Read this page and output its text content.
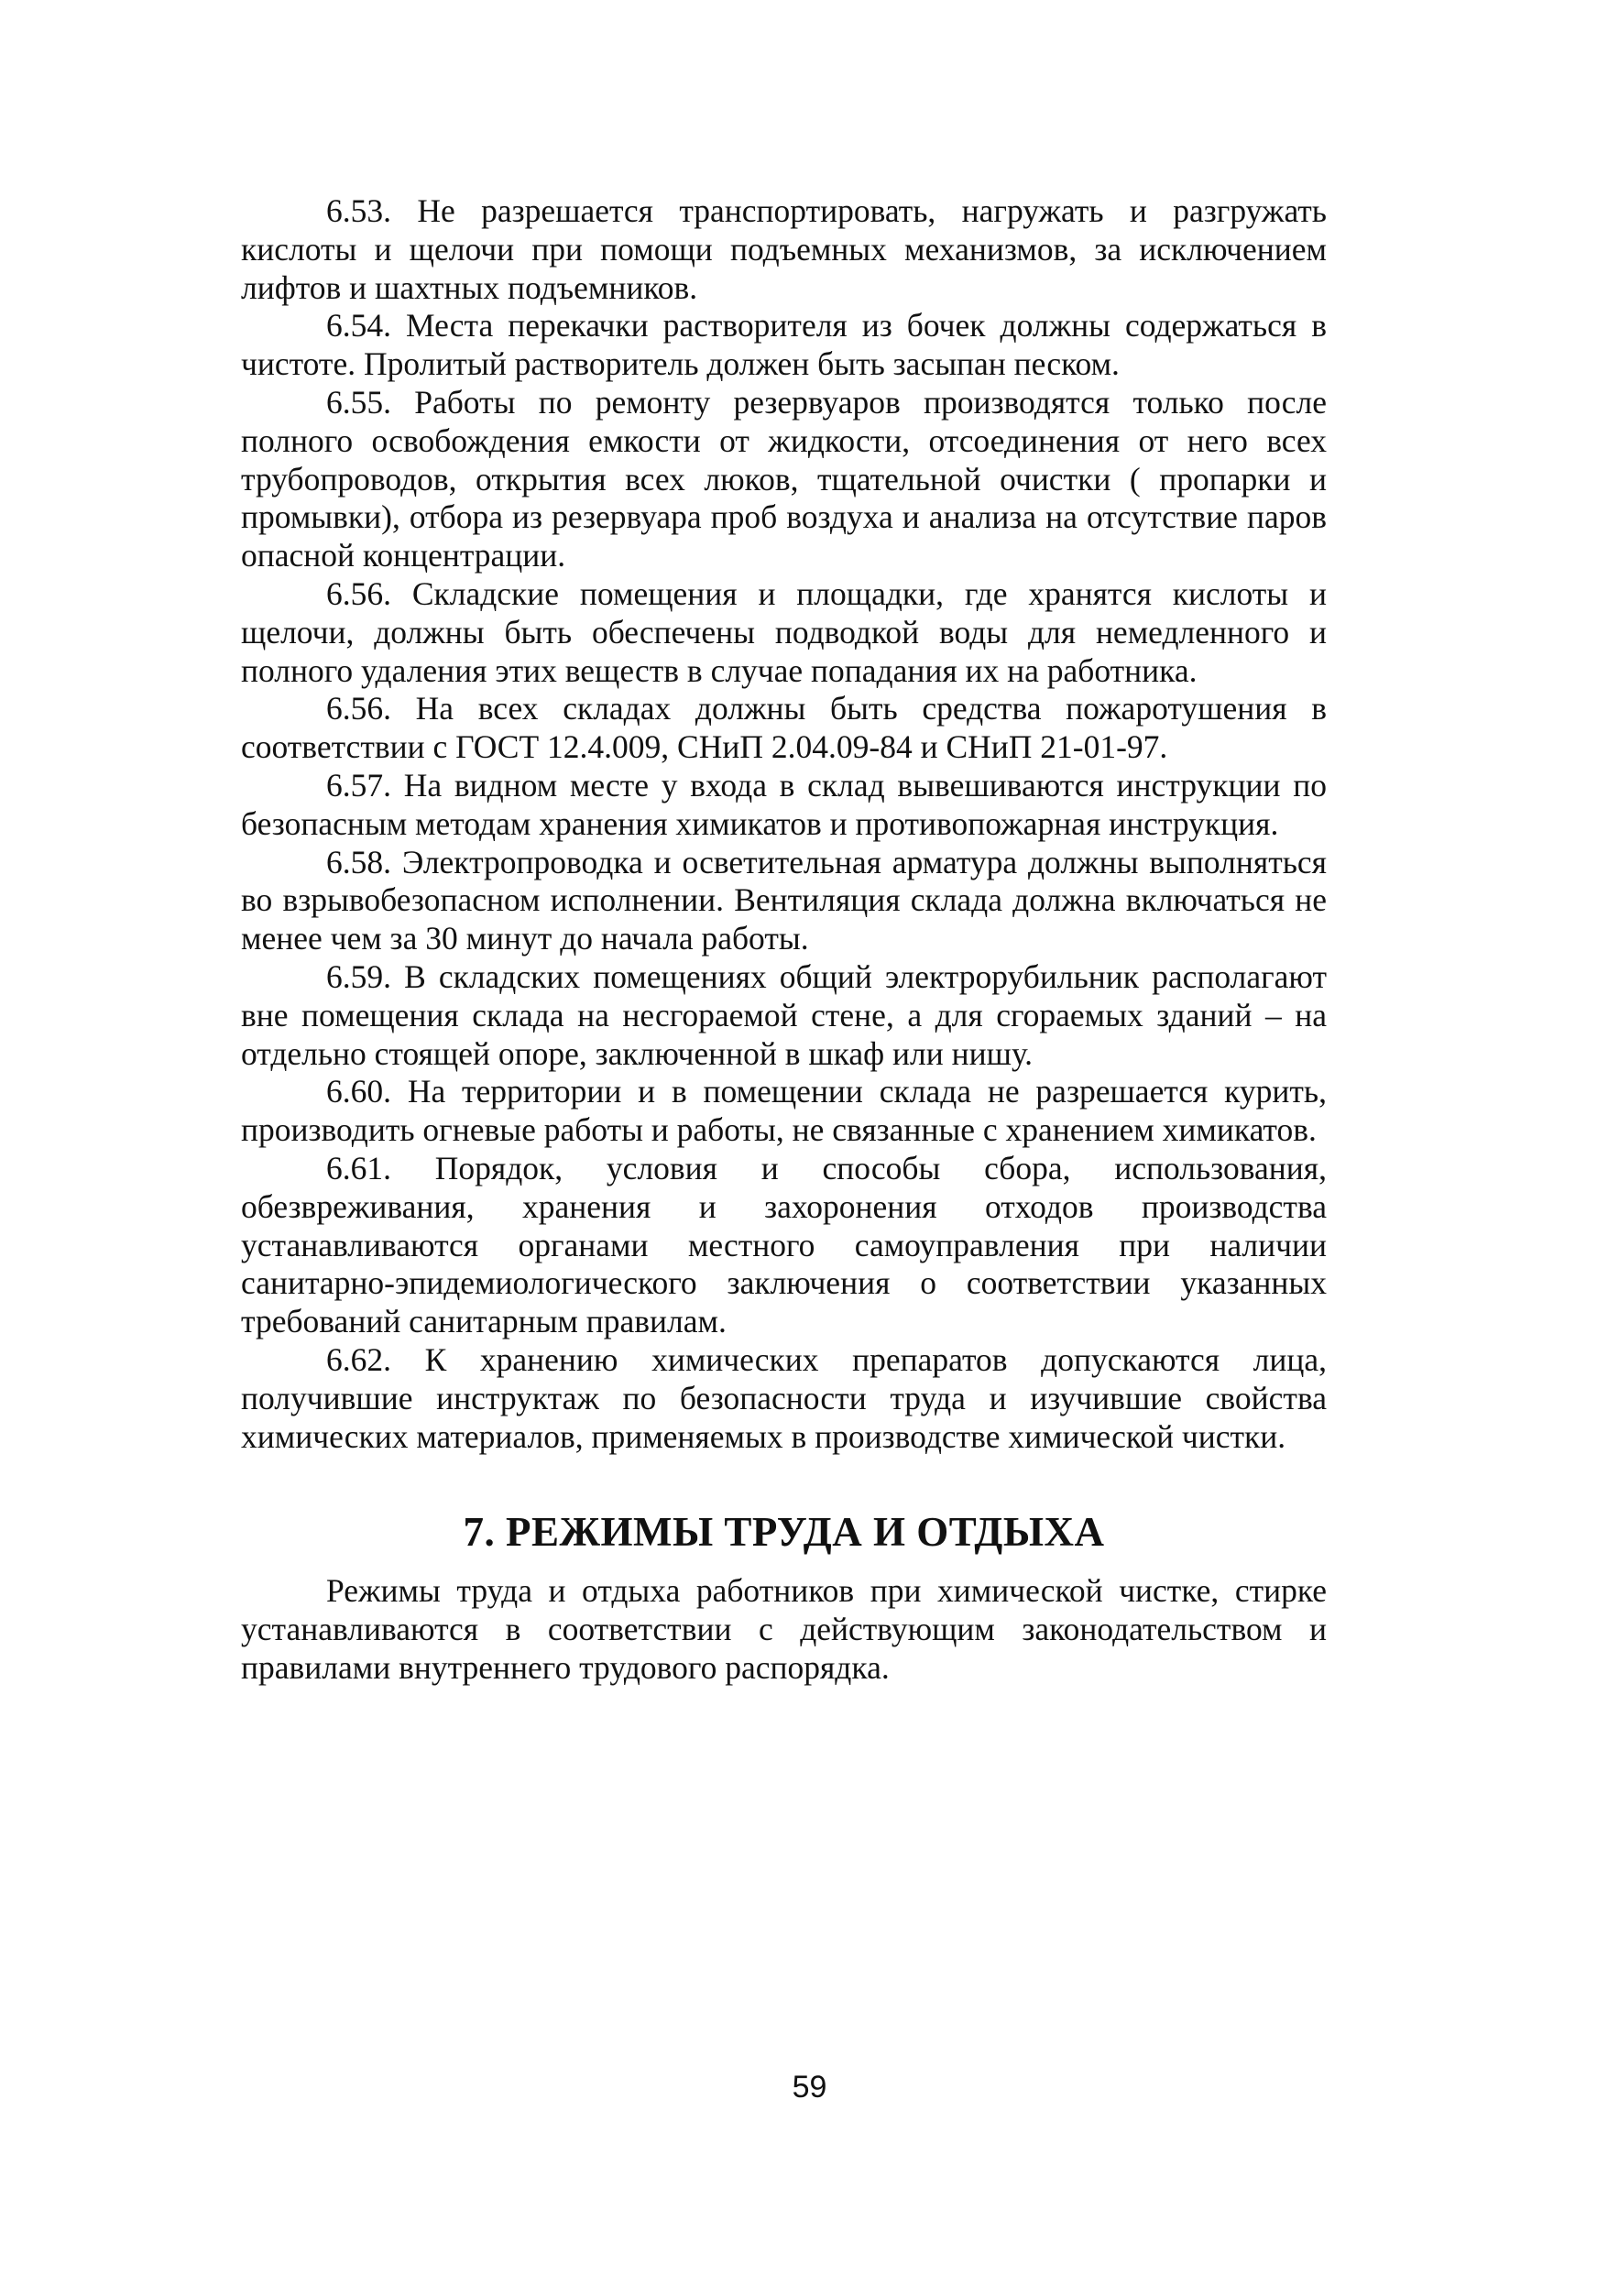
6.53. Не разрешается транспортировать, нагружать и разгружать кислоты и щелочи при помощи подъемных механизмов, за исключением лифтов и шахтных подъемников.

6.54. Места перекачки растворителя из бочек должны содержаться в чистоте. Пролитый растворитель должен быть засыпан песком.

6.55. Работы по ремонту резервуаров производятся только после полного освобождения емкости от жидкости, отсоединения от него всех трубопроводов, открытия всех люков, тщательной очистки ( пропарки и промывки), отбора из резервуара проб воздуха и анализа на отсутствие паров опасной концентрации.

6.56. Складские помещения и площадки, где хранятся кислоты и щелочи, должны быть обеспечены подводкой воды для немедленного и полного удаления этих веществ в случае попадания их на работника.

6.56. На всех складах должны быть средства пожаротушения в соответствии с ГОСТ 12.4.009, СНиП 2.04.09-84 и СНиП 21-01-97.

6.57. На видном месте у входа в склад вывешиваются инструкции по безопасным методам хранения химикатов и противопожарная инструкция.

6.58. Электропроводка и осветительная арматура должны выполняться во взрывобезопасном исполнении. Вентиляция склада должна включаться не менее чем за 30 минут до начала работы.

6.59. В складских помещениях общий электрорубильник располагают вне помещения склада на несгораемой стене, а для сгораемых зданий – на отдельно стоящей опоре, заключенной в шкаф или нишу.

6.60. На территории и в помещении склада не разрешается курить, производить огневые работы и работы, не связанные с хранением химикатов.

6.61. Порядок, условия и способы сбора, использования, обезвреживания, хранения и захоронения отходов производства устанавливаются органами местного самоуправления при наличии санитарно-эпидемиологического заключения о соответствии указанных требований санитарным правилам.

6.62. К хранению химических препаратов допускаются лица, получившие инструктаж по безопасности труда и изучившие свойства химических материалов, применяемых в производстве химической чистки.

7. РЕЖИМЫ ТРУДА И ОТДЫХА

Режимы труда и отдыха работников при химической чистке, стирке устанавливаются в соответствии с действующим законодательством и правилами внутреннего трудового распорядка.

59
